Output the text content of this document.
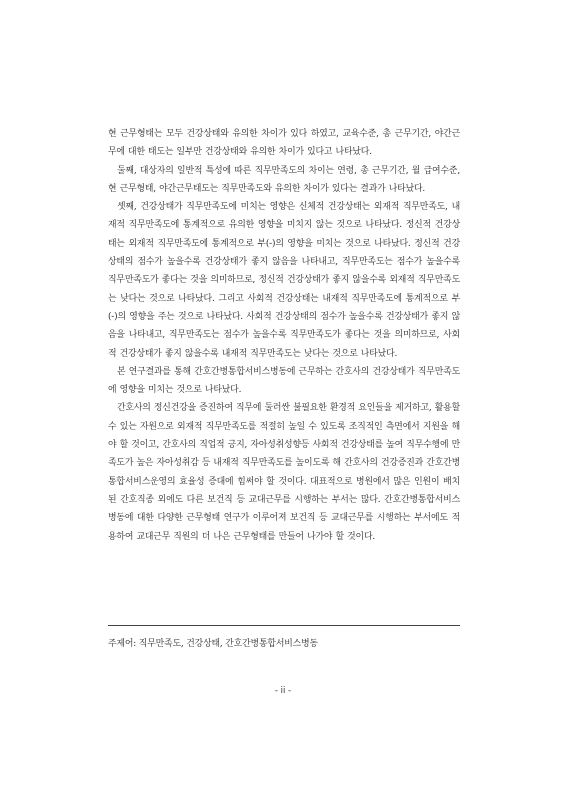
현 근무형태는 모두 건강상태와 유의한 차이가 있다 하였고, 교육수준, 총 근무기간, 야간근무에 대한 태도는 일부만 건강상태와 유의한 차이가 있다고 나타났다.

둘째, 대상자의 일반적 특성에 따른 직무만족도의 차이는 연령, 총 근무기간, 월 급여수준, 현 근무형태, 야간근무태도는 직무만족도와 유의한 차이가 있다는 결과가 나타났다.

셋째, 건강상태가 직무만족도에 미치는 영향은 신체적 건강상태는 외재적 직무만족도, 내재적 직무만족도에 통계적으로 유의한 영향을 미치지 않는 것으로 나타났다. 정신적 건강상태는 외재적 직무만족도에 통계적으로 부(-)의 영향을 미치는 것으로 나타났다. 정신적 건강상태의 점수가 높을수록 건강상태가 좋지 않음을 나타내고, 직무만족도는 점수가 높을수록 직무만족도가 좋다는 것을 의미하므로, 정신적 건강상태가 좋지 않을수록 외재적 직무만족도는 낮다는 것으로 나타났다. 그리고 사회적 건강상태는 내재적 직무만족도에 통계적으로 부(-)의 영향을 주는 것으로 나타났다. 사회적 건강상태의 점수가 높을수록 건강상태가 좋지 않음을 나타내고, 직무만족도는 점수가 높을수록 직무만족도가 좋다는 것을 의미하므로, 사회적 건강상태가 좋지 않을수록 내재적 직무만족도는 낮다는 것으로 나타났다.

본 연구결과를 통해 간호간병통합서비스병동에 근무하는 간호사의 건강상태가 직무만족도에 영향을 미치는 것으로 나타났다.

간호사의 정신건강을 증진하여 직무에 둘러싼 불필요한 환경적 요인들을 제거하고, 활용할 수 있는 자원으로 외재적 직무만족도를 적절히 높일 수 있도록 조직적인 측면에서 지원을 해야 할 것이고, 간호사의 직업적 긍지, 자아성취성향등 사회적 건강상태를 높여 직무수행에 만족도가 높은 자아성취감 등 내재적 직무만족도를 높이도록 해 간호사의 건강증진과 간호간병통합서비스운영의 효율성 증대에 힘써야 할 것이다. 대표적으로 병원에서 많은 인원이 배치된 간호직종 외에도 다른 보건직 등 교대근무를 시행하는 부서는 많다. 간호간병통합서비스병동에 대한 다양한 근무형태 연구가 이루어져 보건직 등 교대근무를 시행하는 부서에도 적용하여 교대근무 직원의 더 나은 근무형태를 만들어 나가야 할 것이다.

주제어: 직무만족도, 건강상태, 간호간병통합서비스병동
- ii -
